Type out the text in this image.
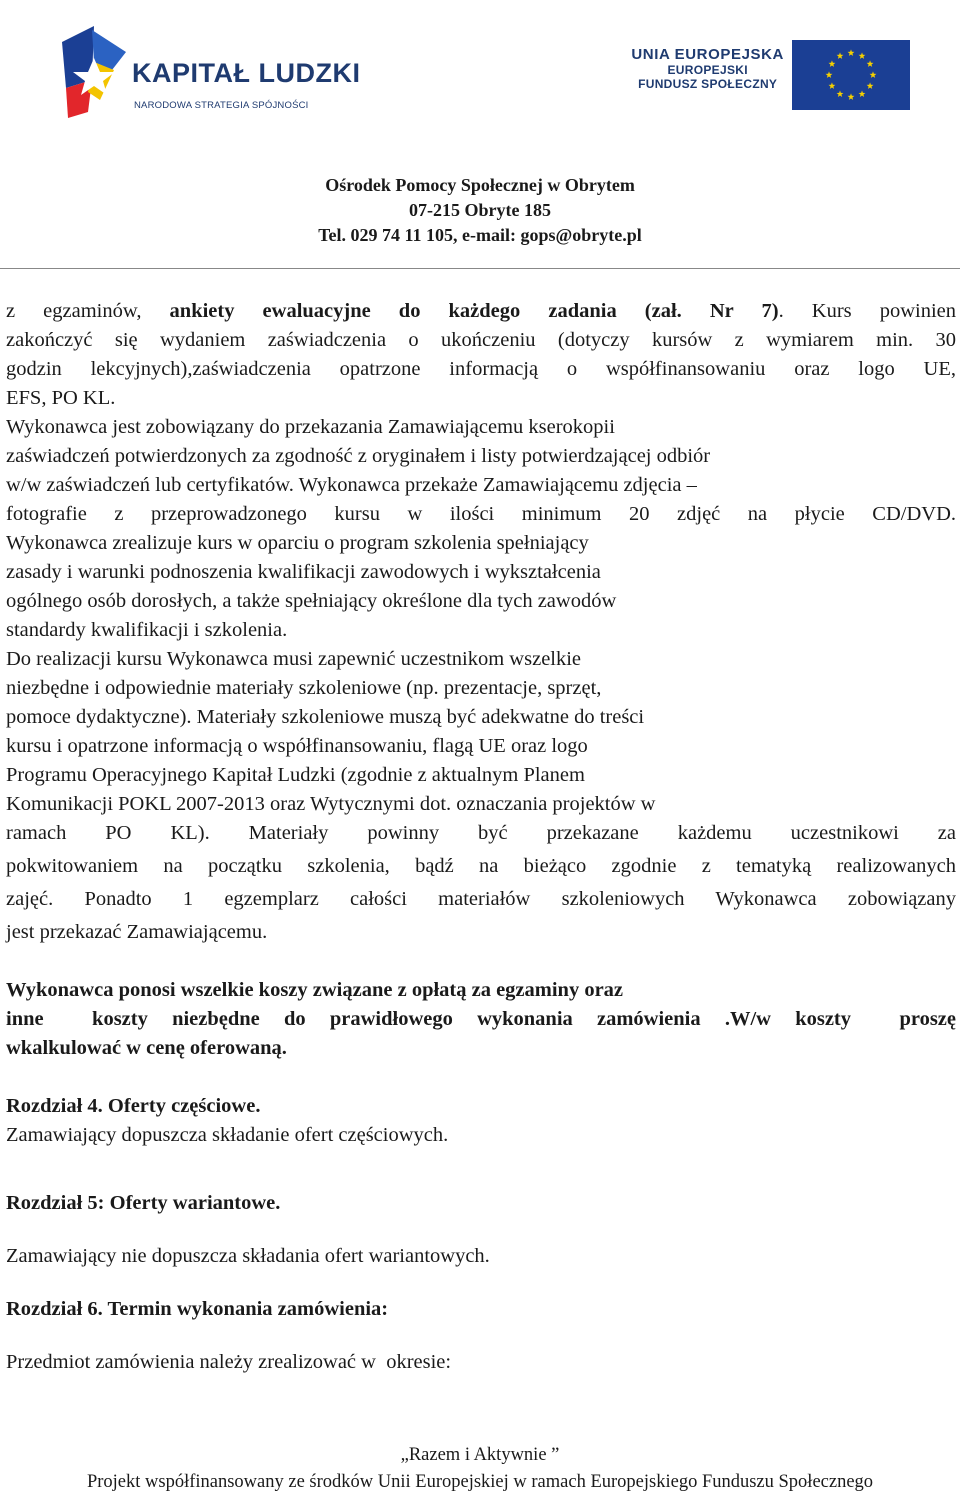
KAPITAŁ LUDZKI
NARODOWA STRATEGIA SPÓJNOŚCI
UNIA EUROPEJSKA
EUROPEJSKI
FUNDUSZ SPOŁECZNY
Ośrodek Pomocy Społecznej w Obrytem
07-215 Obryte 185
Tel. 029 74 11 105, e-mail: gops@obryte.pl

z egzaminów, ankiety ewaluacyjne do każdego zadania (zał. Nr 7). Kurs powinien

zakończyć się wydaniem zaświadczenia o ukończeniu (dotyczy kursów z wymiarem min. 30

godzin lekcyjnych),zaświadczenia opatrzone informacją o współfinansowaniu oraz logo UE,

EFS, PO KL.

Wykonawca jest zobowiązany do przekazania Zamawiającemu kserokopii

zaświadczeń potwierdzonych za zgodność z oryginałem i listy potwierdzającej odbiór

w/w zaświadczeń lub certyfikatów. Wykonawca przekaże Zamawiającemu zdjęcia –

fotografie z przeprowadzonego kursu w ilości minimum 20 zdjęć na płycie CD/DVD.

Wykonawca zrealizuje kurs w oparciu o program szkolenia spełniający

zasady i warunki podnoszenia kwalifikacji zawodowych i wykształcenia

ogólnego osób dorosłych, a także spełniający określone dla tych zawodów

standardy kwalifikacji i szkolenia.

Do realizacji kursu Wykonawca musi zapewnić uczestnikom wszelkie

niezbędne i odpowiednie materiały szkoleniowe (np. prezentacje, sprzęt,

pomoce dydaktyczne). Materiały szkoleniowe muszą być adekwatne do treści

kursu i opatrzone informacją o współfinansowaniu, flagą UE oraz logo

Programu Operacyjnego Kapitał Ludzki (zgodnie z aktualnym Planem

Komunikacji POKL 2007-2013 oraz Wytycznymi dot. oznaczania projektów w

ramach PO KL). Materiały powinny być przekazane każdemu uczestnikowi za

pokwitowaniem na początku szkolenia, bądź na bieżąco zgodnie z tematyką realizowanych

zajęć. Ponadto 1 egzemplarz całości materiałów szkoleniowych Wykonawca zobowiązany

jest przekazać Zamawiającemu.

Wykonawca ponosi wszelkie koszy związane z opłatą za egzaminy oraz

inne  koszty niezbędne do prawidłowego wykonania zamówienia .W/w koszty  proszę

wkalkulować w cenę oferowaną.

Rozdział 4. Oferty częściowe.

Zamawiający dopuszcza składanie ofert częściowych.

Rozdział 5: Oferty wariantowe.

Zamawiający nie dopuszcza składania ofert wariantowych.

Rozdział 6. Termin wykonania zamówienia:

Przedmiot zamówienia należy zrealizować w  okresie:

„Razem i Aktywnie ”
Projekt współfinansowany ze środków Unii Europejskiej w ramach Europejskiego Funduszu Społecznego
